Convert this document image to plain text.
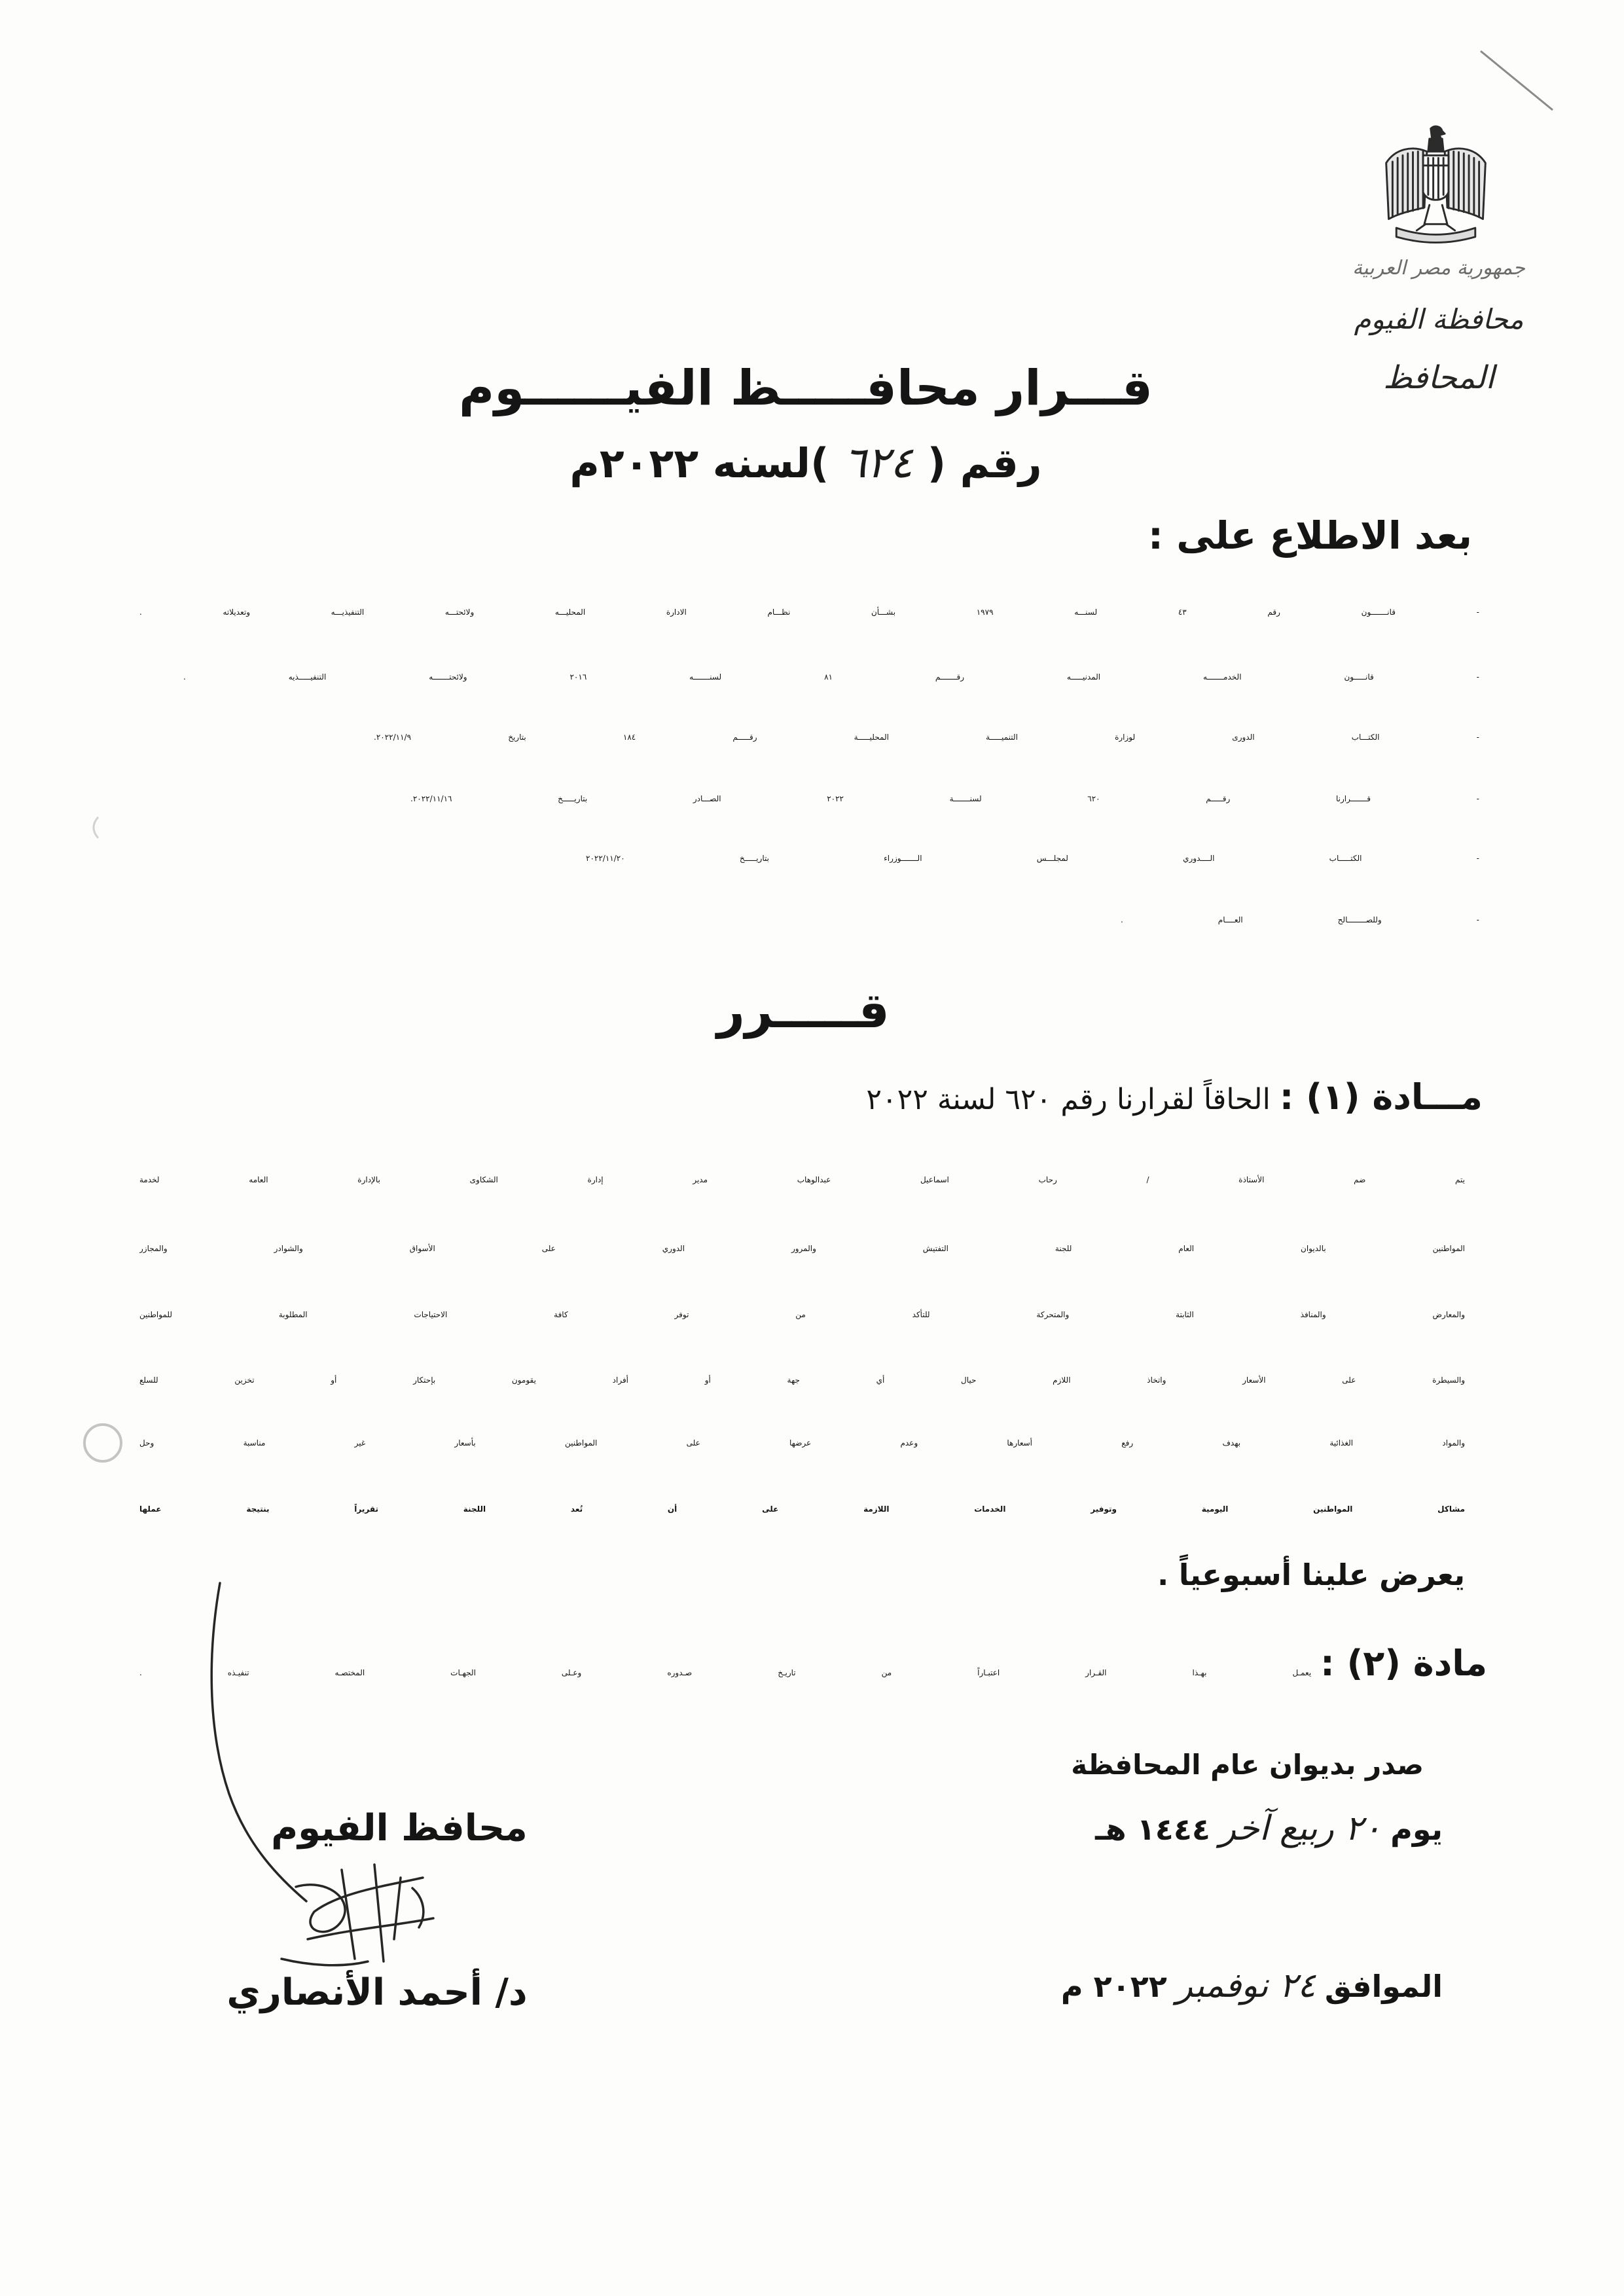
جمهورية مصر العربية
محافظة الفيوم
المحافظ
قـــرار محافـــــظ الفيــــــوم
رقم (٦٢٤)لسنه ٢٠٢٢م
بعد الاطلاع على :
- قانـــــــون رقم ٤٣ لسنـــه ١٩٧٩ بشـــأن نظـــام الادارة المحليـــه ولائحتـــه التنفيذيـــه وتعديلاته .
- قانـــــون الخدمـــــــه المدنيـــــه رقـــــــم ٨١ لسنـــــــه ٢٠١٦ ولائحتـــــــه التنفيـــــذيه .
- الكتـــاب الدورى لوزارة التنميـــــة المحليـــــة رقـــــم ١٨٤ بتاريخ ٢٠٢٢/١١/٩.
- قـــــــرارنا رقـــــم ٦٢٠ لسنـــــــة ٢٠٢٢ الصـــادر بتاريـــــخ ٢٠٢٢/١١/١٦.
- الكتـــــاب الــــدوري لمجلـــس الـــــــوزراء بتاريـــــخ ٢٠٢٢/١١/٢٠
- وللصــــــــالح العــــام .
قـــــرر
مـــادة (١) :الحاقاً لقرارنا رقم ٦٢٠ لسنة ٢٠٢٢
يتم ضم الأستاذة / رحاب اسماعيل عبدالوهاب مدير إدارة الشكاوى بالإدارة العامه لخدمة
المواطنين بالديوان العام للجنة التفتيش والمرور الدوري على الأسواق والشوادر والمجازر
والمعارض والمنافذ الثابتة والمتحركة للتأكد من توفر كافة الاحتياجات المطلوبة للمواطنين
والسيطرة على الأسعار واتخاذ اللازم حيال أي جهة أو أفراد يقومون بإحتكار أو تخزين للسلع
والمواد الغذائية بهدف رفع أسعارها وعدم عرضها على المواطنين بأسعار غير مناسبة وحل
مشاكل المواطنين اليومية وتوفير الخدمات اللازمة على أن تُعد اللجنة تقريراً بنتيجة عملها
يعرض علينا أسبوعياً .
مادة (٢) :
يعمـل بهـذا القـرار اعتبـاراً من تاريـخ صـدوره وعـلى الجهـات المختصـه تنفيـذه .
صدر بديوان عام المحافظة
يوم٢٠ ربيع آخر١٤٤٤ هـ
الموافق٢٤ نوفمبر٢٠٢٢ م
محافظ الفيوم
د/ أحمد الأنصاري
